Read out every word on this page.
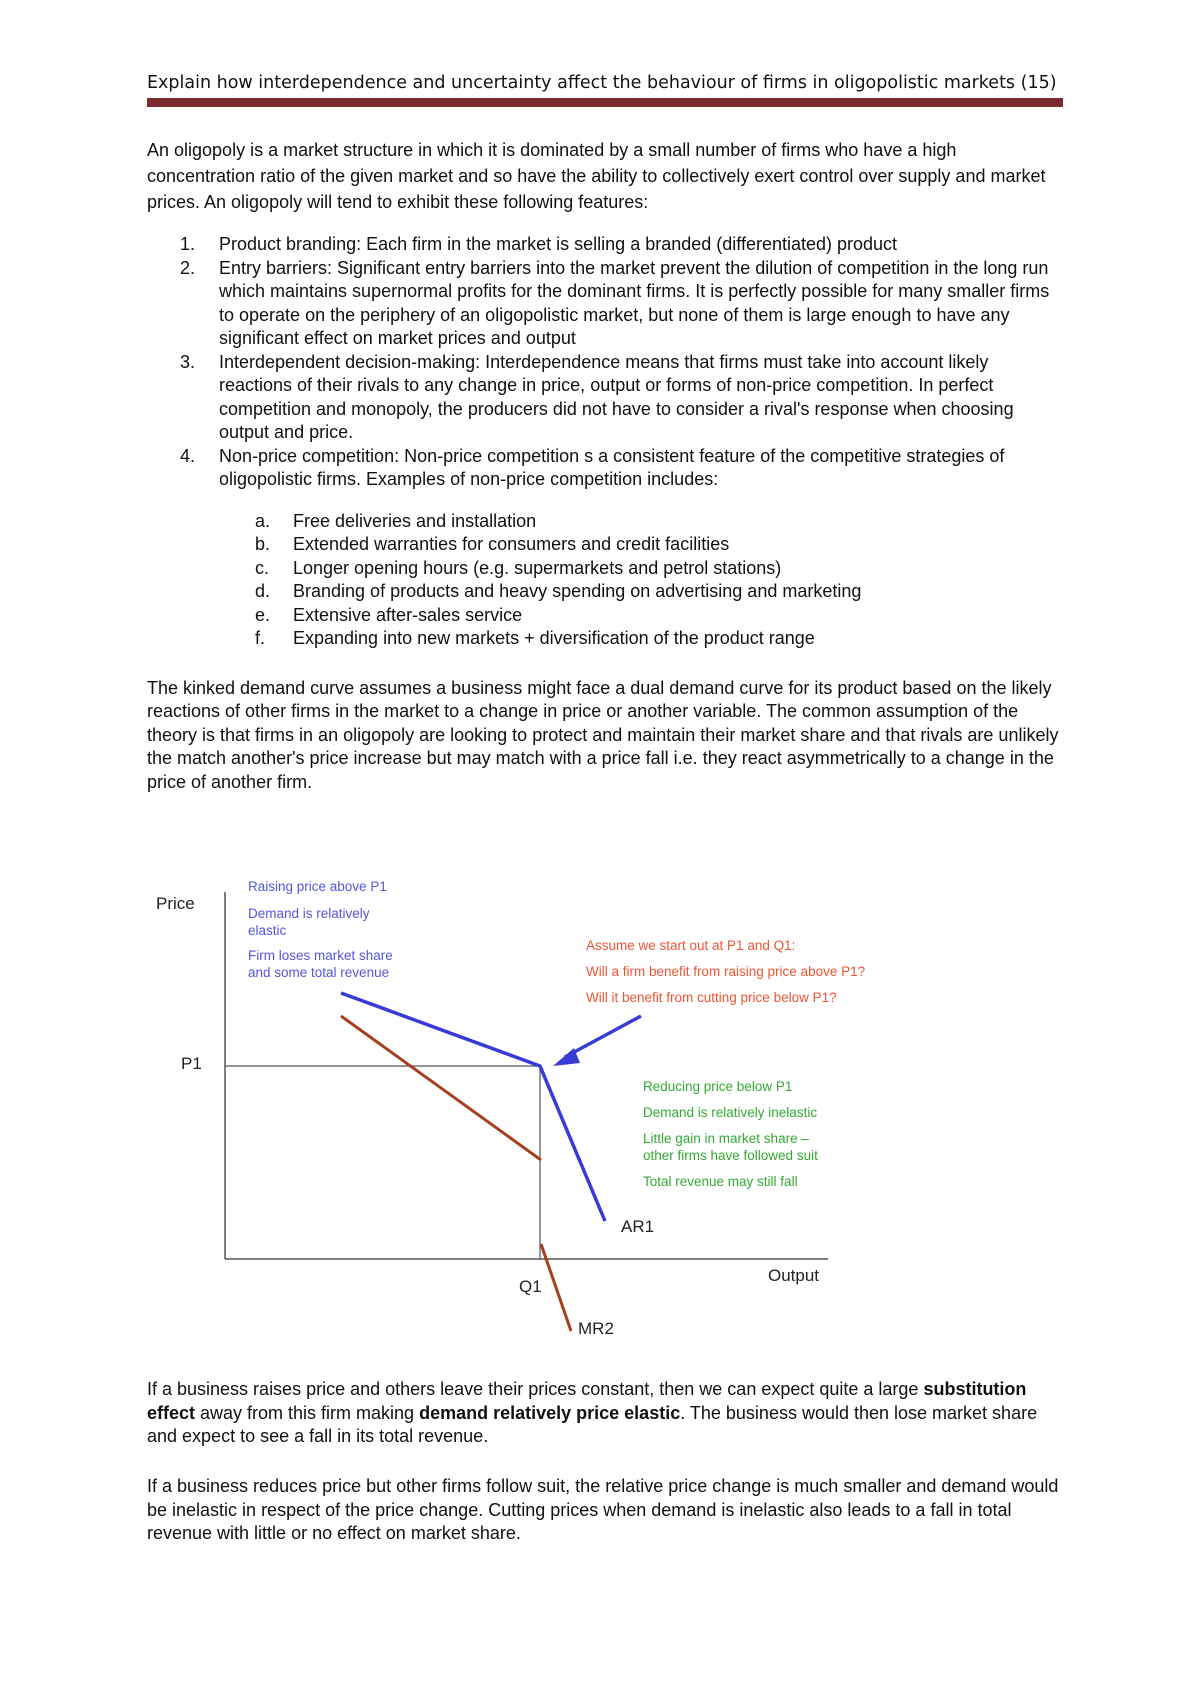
Explain how interdependence and uncertainty affect the behaviour of firms in oligopolistic markets (15)

An oligopoly is a market structure in which it is dominated by a small number of firms who have a high concentration ratio of the given market and so have the ability to collectively exert control over supply and market prices. An oligopoly will tend to exhibit these following features:

1. Product branding: Each firm in the market is selling a branded (differentiated) product
2. Entry barriers: Significant entry barriers into the market prevent the dilution of competition in the long run which maintains supernormal profits for the dominant firms. It is perfectly possible for many smaller firms to operate on the periphery of an oligopolistic market, but none of them is large enough to have any significant effect on market prices and output
3. Interdependent decision-making: Interdependence means that firms must take into account likely reactions of their rivals to any change in price, output or forms of non-price competition. In perfect competition and monopoly, the producers did not have to consider a rival's response when choosing output and price.
4. Non-price competition: Non-price competition s a consistent feature of the competitive strategies of oligopolistic firms. Examples of non-price competition includes:
a. Free deliveries and installation
b. Extended warranties for consumers and credit facilities
c. Longer opening hours (e.g. supermarkets and petrol stations)
d. Branding of products and heavy spending on advertising and marketing
e. Extensive after-sales service
f. Expanding into new markets + diversification of the product range

The kinked demand curve assumes a business might face a dual demand curve for its product based on the likely reactions of other firms in the market to a change in price or another variable. The common assumption of the theory is that firms in an oligopoly are looking to protect and maintain their market share and that rivals are unlikely the match another's price increase but may match with a price fall i.e. they react asymmetrically to a change in the price of another firm.

Price
P1
Q1
Output
AR1
MR2
Raising price above P1
Demand is relatively
elastic
Firm loses market share
and some total revenue
Assume we start out at P1 and Q1:
Will a firm benefit from raising price above P1?
Will it benefit from cutting price below P1?
Reducing price below P1
Demand is relatively inelastic
Little gain in market share –
other firms have followed suit
Total revenue may still fall

If a business raises price and others leave their prices constant, then we can expect quite a large substitution effect away from this firm making demand relatively price elastic. The business would then lose market share and expect to see a fall in its total revenue.

If a business reduces price but other firms follow suit, the relative price change is much smaller and demand would be inelastic in respect of the price change. Cutting prices when demand is inelastic also leads to a fall in total revenue with little or no effect on market share.
